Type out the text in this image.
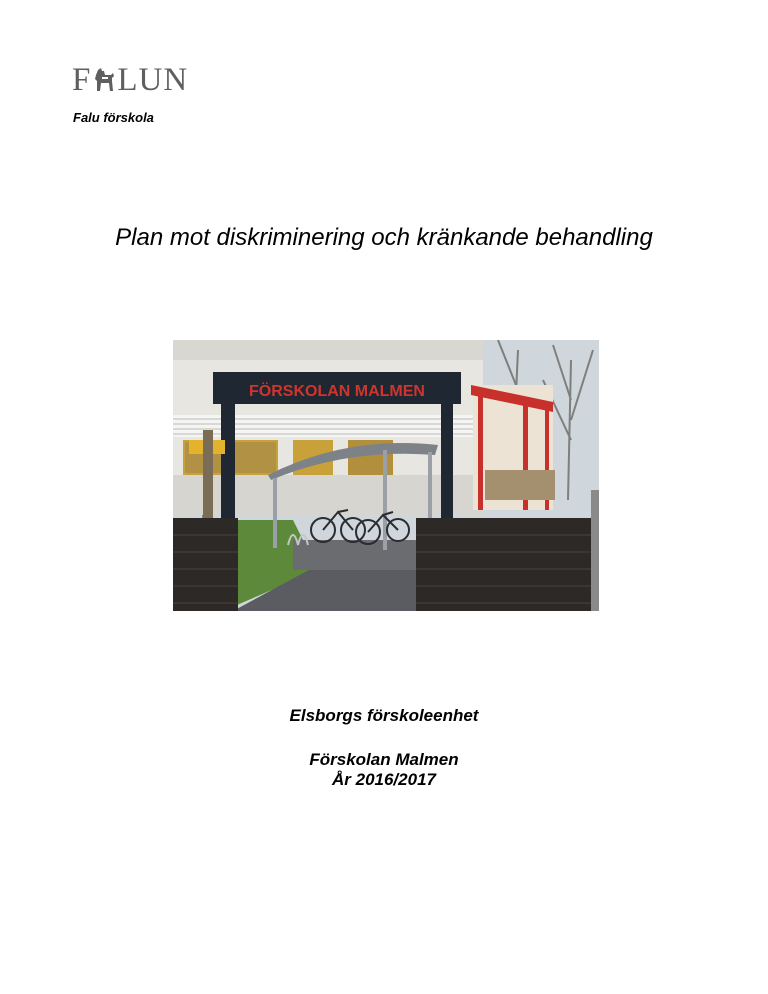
F LUN
Falu förskola
Plan mot diskriminering och kränkande behandling
FÖRSKOLAN MALMEN
Elsborgs förskoleenhet
Förskolan Malmen
År 2016/2017
